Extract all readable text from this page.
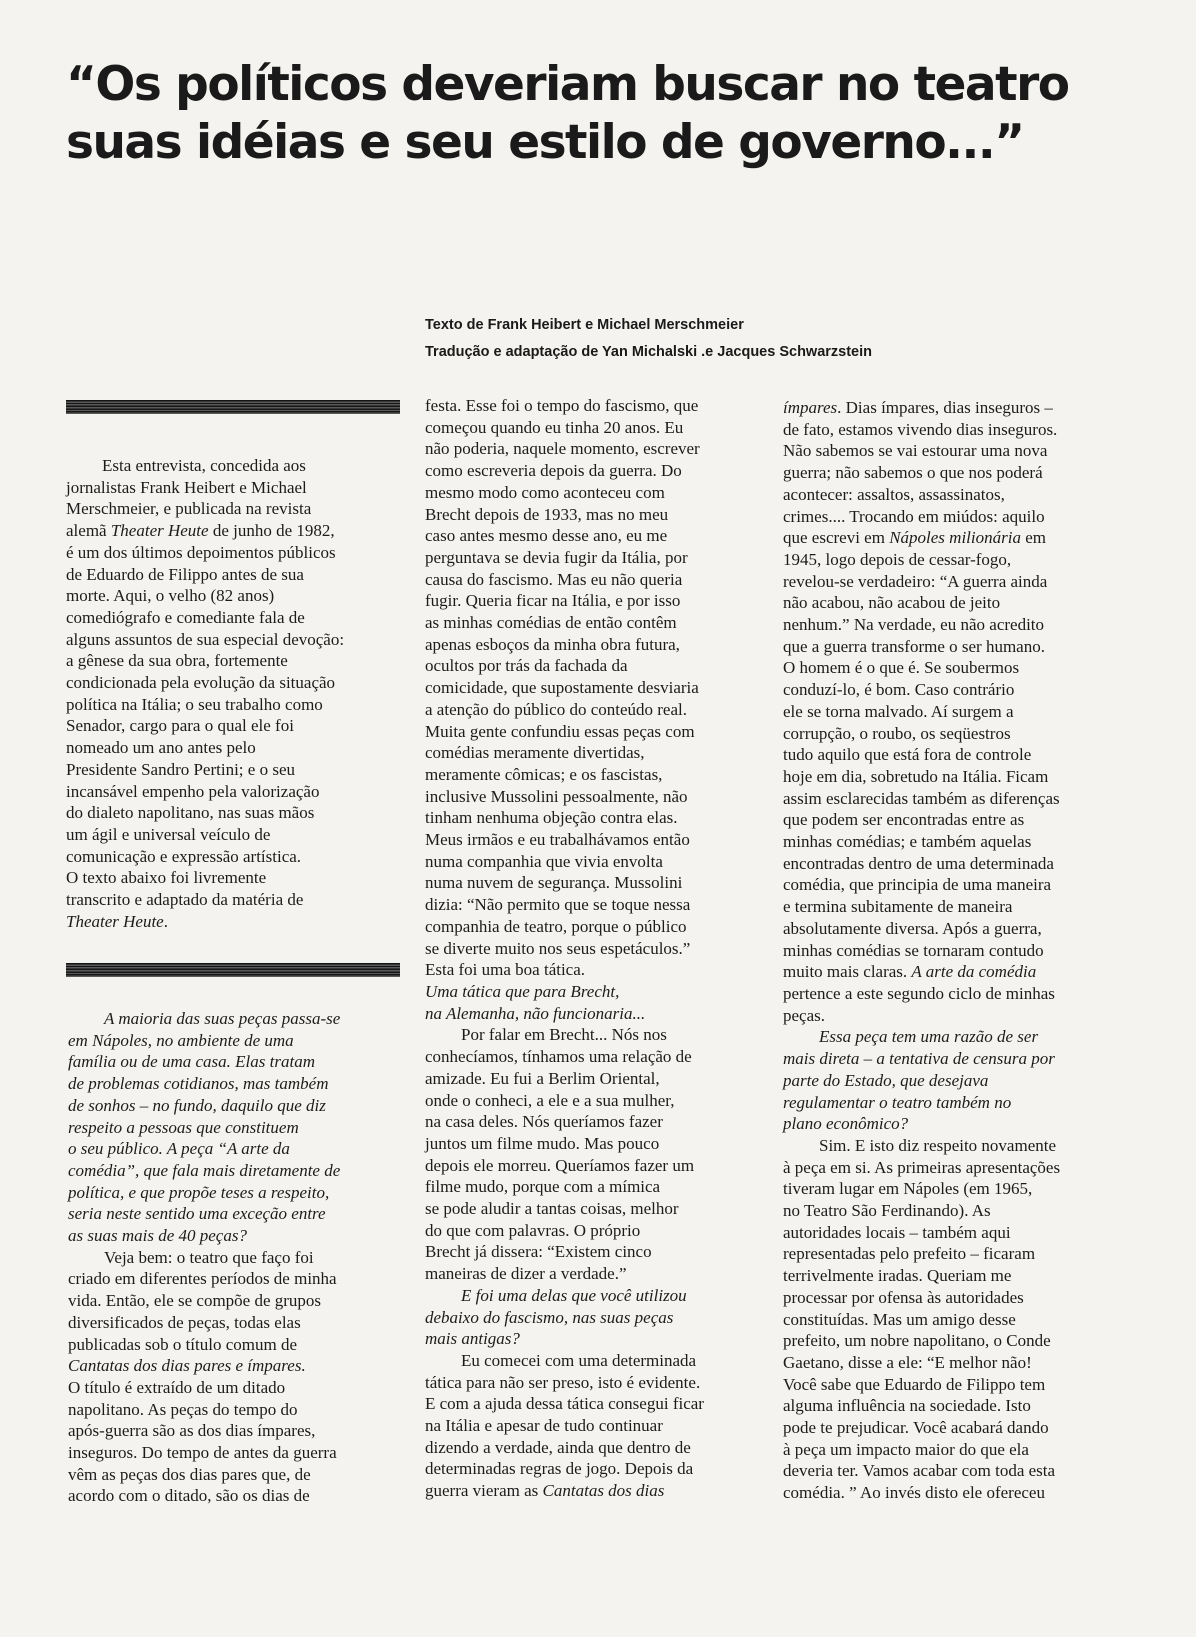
“Os políticos deveriam buscar no teatro
suas idéias e seu estilo de governo...”
Texto de Frank Heibert e Michael Merschmeier
Tradução e adaptação de Yan Michalski .e Jacques Schwarzstein

Esta entrevista, concedida aos

jornalistas Frank Heibert e Michael

Merschmeier, e publicada na revista

alemã Theater Heute de junho de 1982,

é um dos últimos depoimentos públicos

de Eduardo de Filippo antes de sua

morte. Aqui, o velho (82 anos)

comediógrafo e comediante fala de

alguns assuntos de sua especial devoção:

a gênese da sua obra, fortemente

condicionada pela evolução da situação

política na Itália; o seu trabalho como

Senador, cargo para o qual ele foi

nomeado um ano antes pelo

Presidente Sandro Pertini; e o seu

incansável empenho pela valorização

do dialeto napolitano, nas suas mãos

um ágil e universal veículo de

comunicação e expressão artística.

O texto abaixo foi livremente

transcrito e adaptado da matéria de

Theater Heute.

A maioria das suas peças passa-se

em Nápoles, no ambiente de uma

família ou de uma casa. Elas tratam

de problemas cotidianos, mas também

de sonhos – no fundo, daquilo que diz

respeito a pessoas que constituem

o seu público. A peça “A arte da

comédia”, que fala mais diretamente de

política, e que propõe teses a respeito,

seria neste sentido uma exceção entre

as suas mais de 40 peças?

Veja bem: o teatro que faço foi

criado em diferentes períodos de minha

vida. Então, ele se compõe de grupos

diversificados de peças, todas elas

publicadas sob o título comum de

Cantatas dos dias pares e ímpares.

O título é extraído de um ditado

napolitano. As peças do tempo do

após-guerra são as dos dias ímpares,

inseguros. Do tempo de antes da guerra

vêm as peças dos dias pares que, de

acordo com o ditado, são os dias de

festa. Esse foi o tempo do fascismo, que

começou quando eu tinha 20 anos. Eu

não poderia, naquele momento, escrever

como escreveria depois da guerra. Do

mesmo modo como aconteceu com

Brecht depois de 1933, mas no meu

caso antes mesmo desse ano, eu me

perguntava se devia fugir da Itália, por

causa do fascismo. Mas eu não queria

fugir. Queria ficar na Itália, e por isso

as minhas comédias de então contêm

apenas esboços da minha obra futura,

ocultos por trás da fachada da

comicidade, que supostamente desviaria

a atenção do público do conteúdo real.

Muita gente confundiu essas peças com

comédias meramente divertidas,

meramente cômicas; e os fascistas,

inclusive Mussolini pessoalmente, não

tinham nenhuma objeção contra elas.

Meus irmãos e eu trabalhávamos então

numa companhia que vivia envolta

numa nuvem de segurança. Mussolini

dizia: “Não permito que se toque nessa

companhia de teatro, porque o público

se diverte muito nos seus espetáculos.”

Esta foi uma boa tática.

Uma tática que para Brecht,

na Alemanha, não funcionaria...

Por falar em Brecht... Nós nos

conhecíamos, tínhamos uma relação de

amizade. Eu fui a Berlim Oriental,

onde o conheci, a ele e a sua mulher,

na casa deles. Nós queríamos fazer

juntos um filme mudo. Mas pouco

depois ele morreu. Queríamos fazer um

filme mudo, porque com a mímica

se pode aludir a tantas coisas, melhor

do que com palavras. O próprio

Brecht já dissera: “Existem cinco

maneiras de dizer a verdade.”

E foi uma delas que você utilizou

debaixo do fascismo, nas suas peças

mais antigas?

Eu comecei com uma determinada

tática para não ser preso, isto é evidente.

E com a ajuda dessa tática consegui ficar

na Itália e apesar de tudo continuar

dizendo a verdade, ainda que dentro de

determinadas regras de jogo. Depois da

guerra vieram as Cantatas dos dias

ímpares. Dias ímpares, dias inseguros –

de fato, estamos vivendo dias inseguros.

Não sabemos se vai estourar uma nova

guerra; não sabemos o que nos poderá

acontecer: assaltos, assassinatos,

crimes.... Trocando em miúdos: aquilo

que escrevi em Nápoles milionária em

1945, logo depois de cessar-fogo,

revelou-se verdadeiro: “A guerra ainda

não acabou, não acabou de jeito

nenhum.” Na verdade, eu não acredito

que a guerra transforme o ser humano.

O homem é o que é. Se soubermos

conduzí-lo, é bom. Caso contrário

ele se torna malvado. Aí surgem a

corrupção, o roubo, os seqüestros

tudo aquilo que está fora de controle

hoje em dia, sobretudo na Itália. Ficam

assim esclarecidas também as diferenças

que podem ser encontradas entre as

minhas comédias; e também aquelas

encontradas dentro de uma determinada

comédia, que principia de uma maneira

e termina subitamente de maneira

absolutamente diversa. Após a guerra,

minhas comédias se tornaram contudo

muito mais claras. A arte da comédia

pertence a este segundo ciclo de minhas

peças.

Essa peça tem uma razão de ser

mais direta – a tentativa de censura por

parte do Estado, que desejava

regulamentar o teatro também no

plano econômico?

Sim. E isto diz respeito novamente

à peça em si. As primeiras apresentações

tiveram lugar em Nápoles (em 1965,

no Teatro São Ferdinando). As

autoridades locais – também aqui

representadas pelo prefeito – ficaram

terrivelmente iradas. Queriam me

processar por ofensa às autoridades

constituídas. Mas um amigo desse

prefeito, um nobre napolitano, o Conde

Gaetano, disse a ele: “E melhor não!

Você sabe que Eduardo de Filippo tem

alguma influência na sociedade. Isto

pode te prejudicar. Você acabará dando

à peça um impacto maior do que ela

deveria ter. Vamos acabar com toda esta

comédia. ” Ao invés disto ele ofereceu
